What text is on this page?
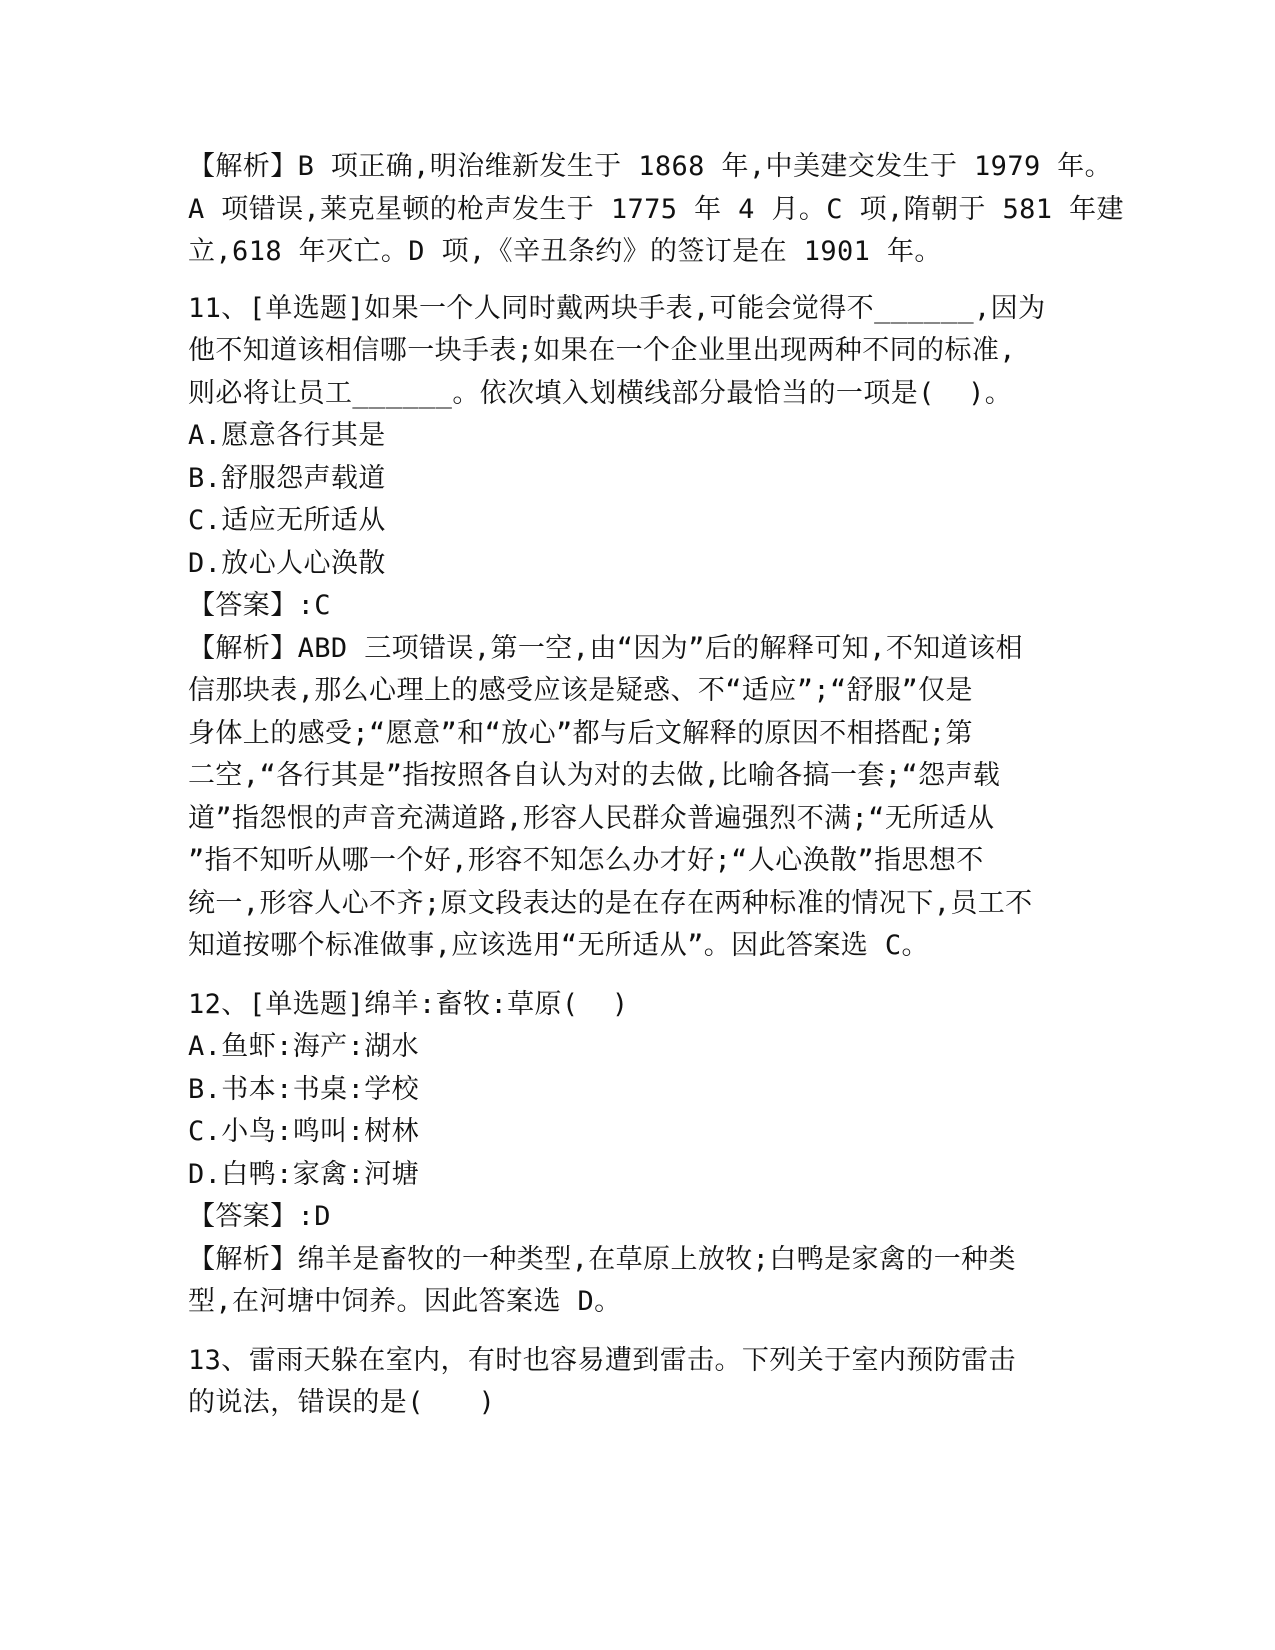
【解析】B 项正确,明治维新发生于 1868 年,中美建交发生于 1979 年。
A 项错误,莱克星顿的枪声发生于 1775 年 4 月。C 项,隋朝于 581 年建
立,618 年灭亡。D 项,《辛丑条约》的签订是在 1901 年。
11、[单选题]如果一个人同时戴两块手表,可能会觉得不______,因为
他不知道该相信哪一块手表;如果在一个企业里出现两种不同的标准,
则必将让员工______。依次填入划横线部分最恰当的一项是(  )。
A.愿意各行其是
B.舒服怨声载道
C.适应无所适从
D.放心人心涣散
【答案】:C
【解析】ABD 三项错误,第一空,由“因为”后的解释可知,不知道该相
信那块表,那么心理上的感受应该是疑惑、不“适应”;“舒服”仅是
身体上的感受;“愿意”和“放心”都与后文解释的原因不相搭配;第
二空,“各行其是”指按照各自认为对的去做,比喻各搞一套;“怨声载
道”指怨恨的声音充满道路,形容人民群众普遍强烈不满;“无所适从
”指不知听从哪一个好,形容不知怎么办才好;“人心涣散”指思想不
统一,形容人心不齐;原文段表达的是在存在两种标准的情况下,员工不
知道按哪个标准做事,应该选用“无所适从”。因此答案选 C。
12、[单选题]绵羊:畜牧:草原(  )
A.鱼虾:海产:湖水
B.书本:书桌:学校
C.小鸟:鸣叫:树林
D.白鸭:家禽:河塘
【答案】:D
【解析】绵羊是畜牧的一种类型,在草原上放牧;白鸭是家禽的一种类
型,在河塘中饲养。因此答案选 D。
13、雷雨天躲在室内，有时也容易遭到雷击。下列关于室内预防雷击
的说法，错误的是(　　)
